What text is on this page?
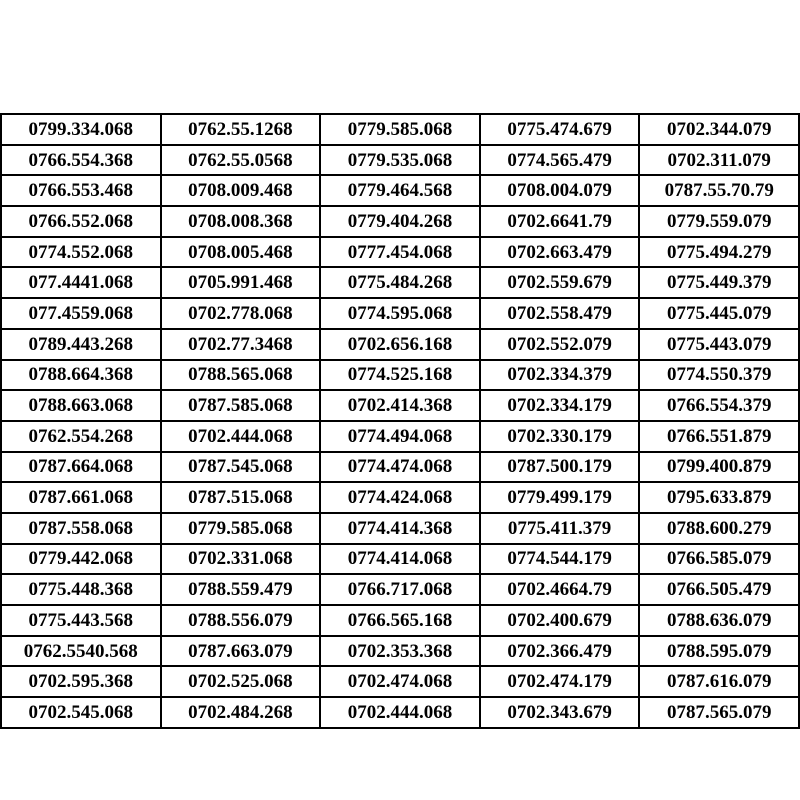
0799.334.068	0762.55.1268	0779.585.068	0775.474.679	0702.344.079
0766.554.368	0762.55.0568	0779.535.068	0774.565.479	0702.311.079
0766.553.468	0708.009.468	0779.464.568	0708.004.079	0787.55.70.79
0766.552.068	0708.008.368	0779.404.268	0702.6641.79	0779.559.079
0774.552.068	0708.005.468	0777.454.068	0702.663.479	0775.494.279
077.4441.068	0705.991.468	0775.484.268	0702.559.679	0775.449.379
077.4559.068	0702.778.068	0774.595.068	0702.558.479	0775.445.079
0789.443.268	0702.77.3468	0702.656.168	0702.552.079	0775.443.079
0788.664.368	0788.565.068	0774.525.168	0702.334.379	0774.550.379
0788.663.068	0787.585.068	0702.414.368	0702.334.179	0766.554.379
0762.554.268	0702.444.068	0774.494.068	0702.330.179	0766.551.879
0787.664.068	0787.545.068	0774.474.068	0787.500.179	0799.400.879
0787.661.068	0787.515.068	0774.424.068	0779.499.179	0795.633.879
0787.558.068	0779.585.068	0774.414.368	0775.411.379	0788.600.279
0779.442.068	0702.331.068	0774.414.068	0774.544.179	0766.585.079
0775.448.368	0788.559.479	0766.717.068	0702.4664.79	0766.505.479
0775.443.568	0788.556.079	0766.565.168	0702.400.679	0788.636.079
0762.5540.568	0787.663.079	0702.353.368	0702.366.479	0788.595.079
0702.595.368	0702.525.068	0702.474.068	0702.474.179	0787.616.079
0702.545.068	0702.484.268	0702.444.068	0702.343.679	0787.565.079
